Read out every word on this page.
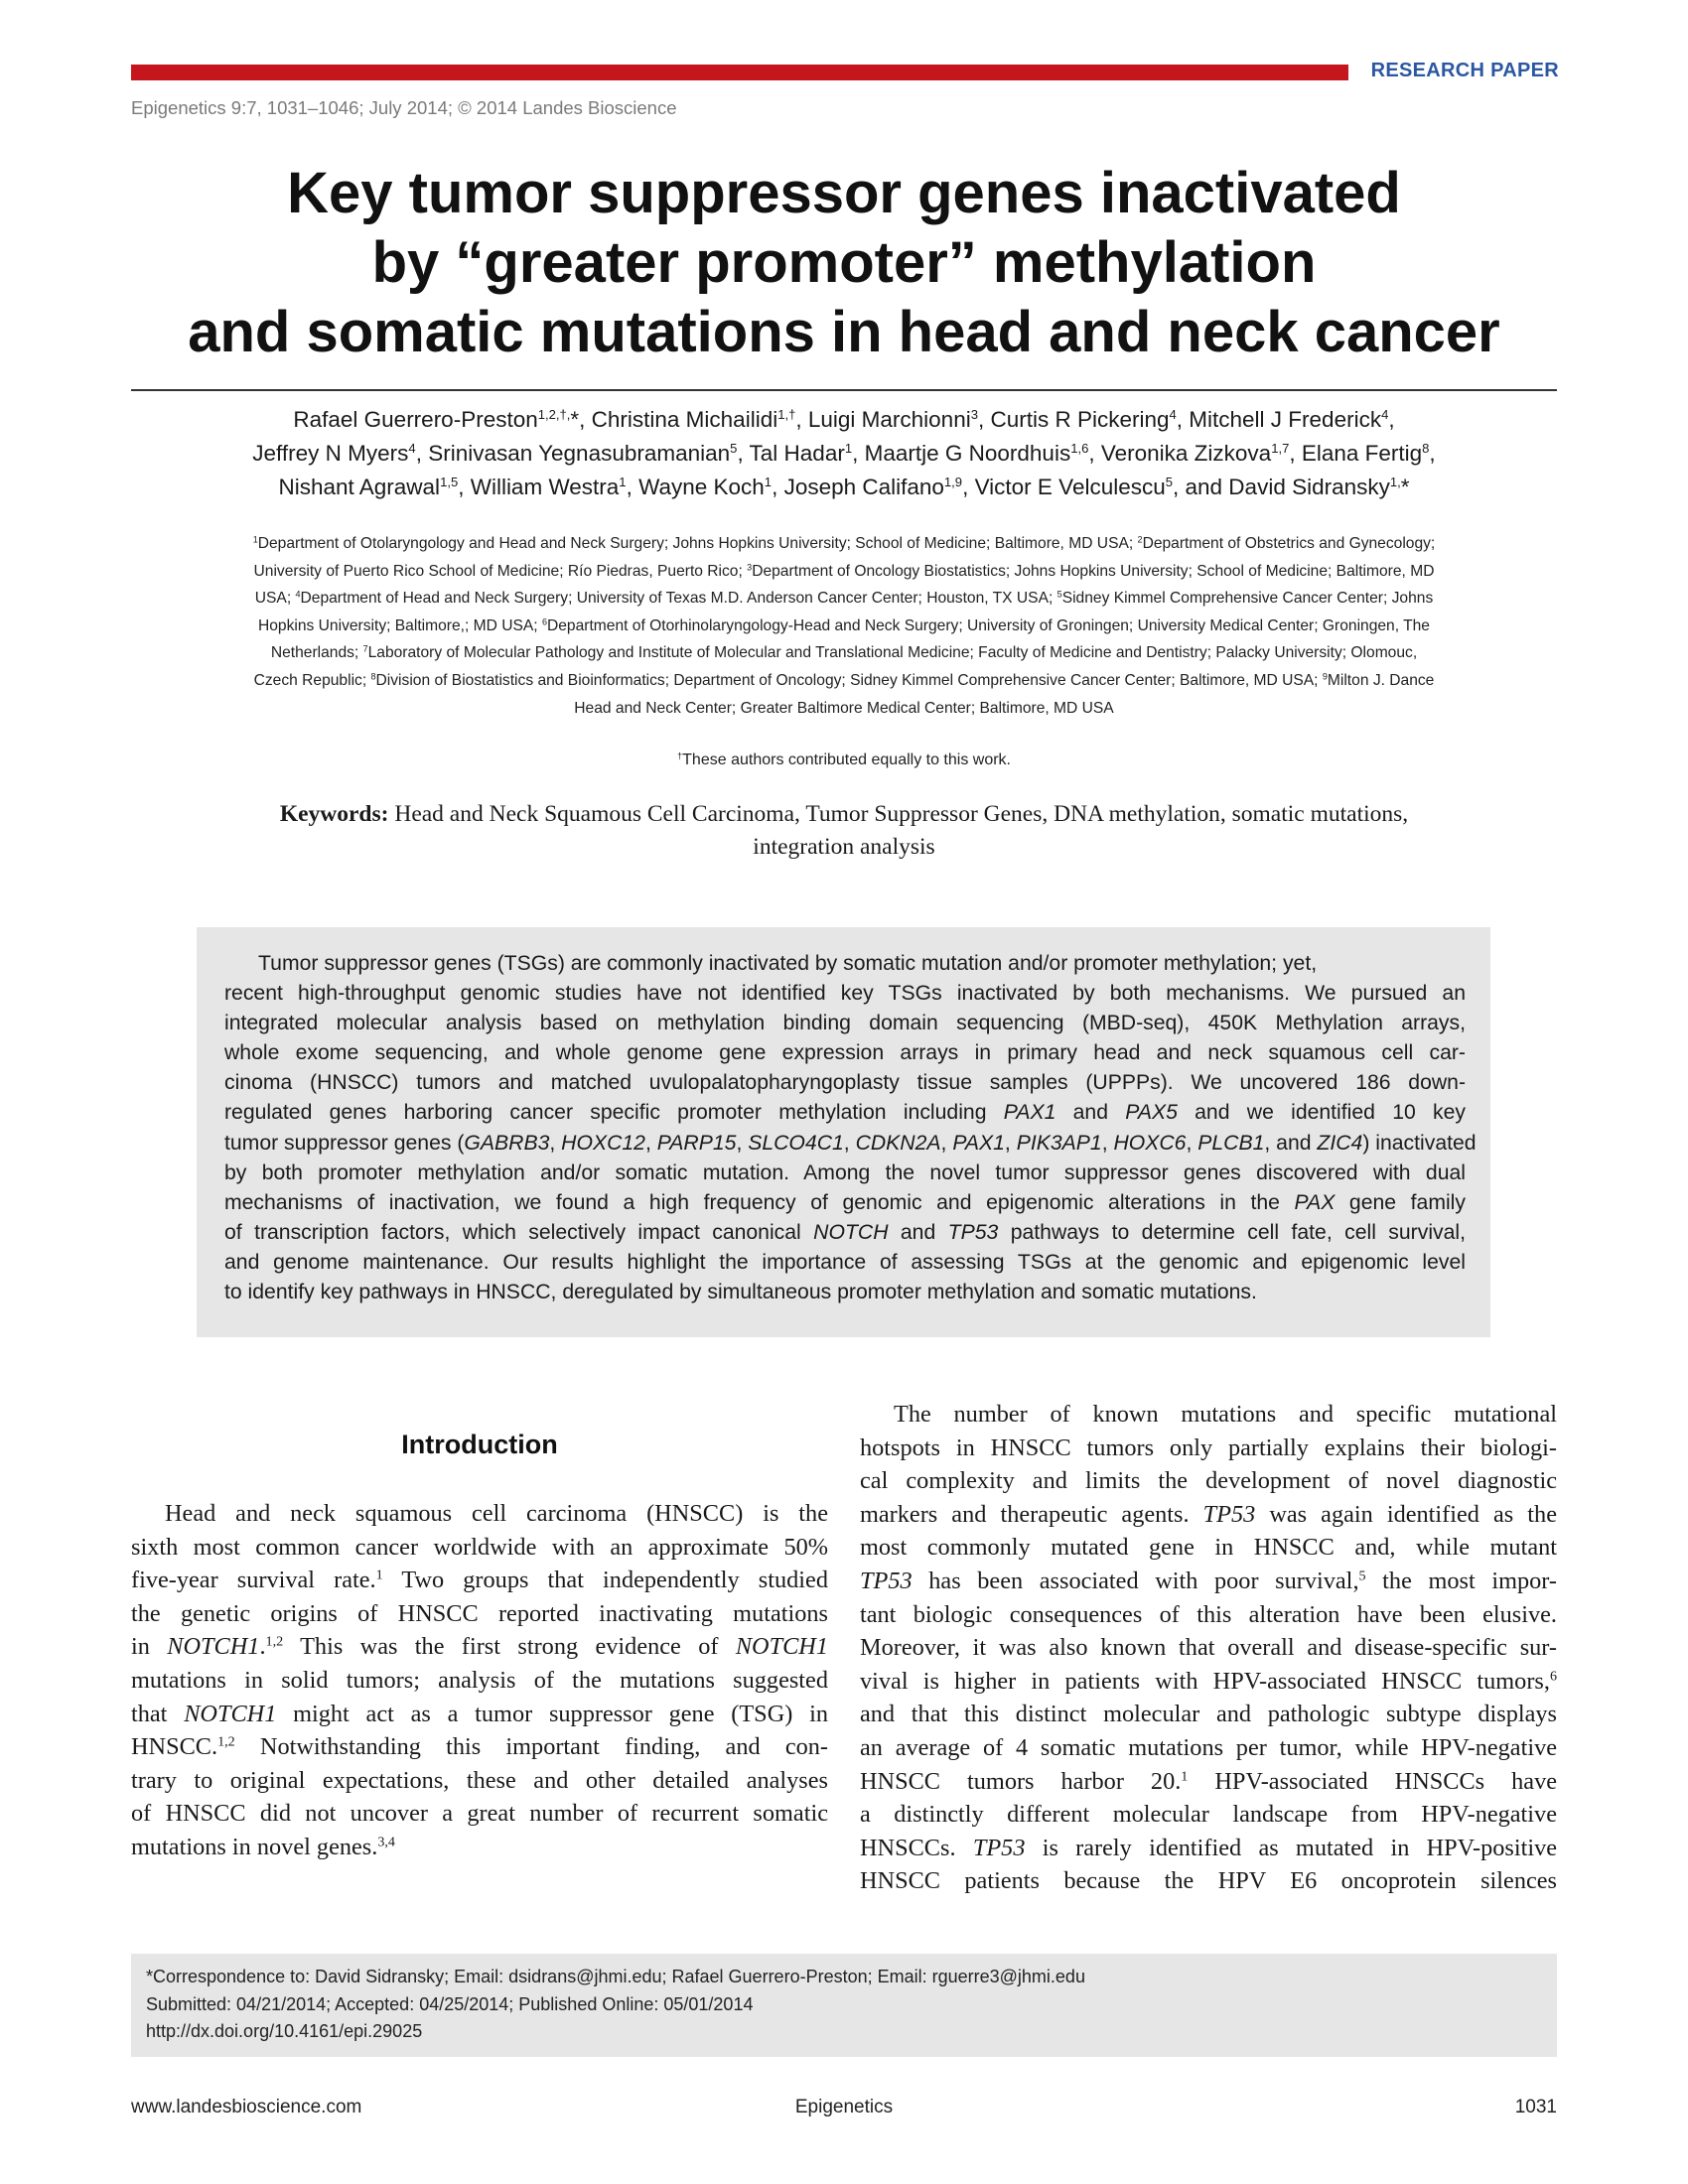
RESEARCH PAPER
Epigenetics 9:7, 1031–1046; July 2014; © 2014 Landes Bioscience
Key tumor suppressor genes inactivated
by “greater promoter” methylation
and somatic mutations in head and neck cancer
Rafael Guerrero-Preston$^{1,2,\dagger,}$*, Christina Michailidi$^{1,\dagger}$, Luigi Marchionni$^3$, Curtis R Pickering$^4$, Mitchell J Frederick$^4$,
Jeffrey N Myers$^4$, Srinivasan Yegnasubramanian$^5$, Tal Hadar$^1$, Maartje G Noordhuis$^{1,6}$, Veronika Zizkova$^{1,7}$, Elana Fertig$^8$,
Nishant Agrawal$^{1,5}$, William Westra$^1$, Wayne Koch$^1$, Joseph Califano$^{1,9}$, Victor E Velculescu$^5$, and David Sidransky$^{1,}$*
$^1$Department of Otolaryngology and Head and Neck Surgery; Johns Hopkins University; School of Medicine; Baltimore, MD USA; $^2$Department of Obstetrics and Gynecology;
University of Puerto Rico School of Medicine; Río Piedras, Puerto Rico; $^3$Department of Oncology Biostatistics; Johns Hopkins University; School of Medicine; Baltimore, MD
USA; $^4$Department of Head and Neck Surgery; University of Texas M.D. Anderson Cancer Center; Houston, TX USA; $^5$Sidney Kimmel Comprehensive Cancer Center; Johns
Hopkins University; Baltimore,; MD USA; $^6$Department of Otorhinolaryngology-Head and Neck Surgery; University of Groningen; University Medical Center; Groningen, The
Netherlands; $^7$Laboratory of Molecular Pathology and Institute of Molecular and Translational Medicine; Faculty of Medicine and Dentistry; Palacky University; Olomouc,
Czech Republic; $^8$Division of Biostatistics and Bioinformatics; Department of Oncology; Sidney Kimmel Comprehensive Cancer Center; Baltimore, MD USA; $^9$Milton J. Dance
Head and Neck Center; Greater Baltimore Medical Center; Baltimore, MD USA
†These authors contributed equally to this work.
Keywords: Head and Neck Squamous Cell Carcinoma, Tumor Suppressor Genes, DNA methylation, somatic mutations,
integration analysis
Tumor suppressor genes (TSGs) are commonly inactivated by somatic mutation and/or promoter methylation; yet,
recent high-throughput genomic studies have not identified key TSGs inactivated by both mechanisms. We pursued an
integrated molecular analysis based on methylation binding domain sequencing (MBD-seq), 450K Methylation arrays,
whole exome sequencing, and whole genome gene expression arrays in primary head and neck squamous cell car-
cinoma (HNSCC) tumors and matched uvulopalatopharyngoplasty tissue samples (UPPPs). We uncovered 186 down-
regulated genes harboring cancer specific promoter methylation including PAX1 and PAX5 and we identified 10 key
tumor suppressor genes (GABRB3, HOXC12, PARP15, SLCO4C1, CDKN2A, PAX1, PIK3AP1, HOXC6, PLCB1, and ZIC4) inactivated
by both promoter methylation and/or somatic mutation. Among the novel tumor suppressor genes discovered with dual
mechanisms of inactivation, we found a high frequency of genomic and epigenomic alterations in the PAX gene family
of transcription factors, which selectively impact canonical NOTCH and TP53 pathways to determine cell fate, cell survival,
and genome maintenance. Our results highlight the importance of assessing TSGs at the genomic and epigenomic level
to identify key pathways in HNSCC, deregulated by simultaneous promoter methylation and somatic mutations.
Introduction
Head and neck squamous cell carcinoma (HNSCC) is the
sixth most common cancer worldwide with an approximate 50%
five-year survival rate.$^1$ Two groups that independently studied
the genetic origins of HNSCC reported inactivating mutations
in NOTCH1.$^{1,2}$ This was the first strong evidence of NOTCH1
mutations in solid tumors; analysis of the mutations suggested
that NOTCH1 might act as a tumor suppressor gene (TSG) in
HNSCC.$^{1,2}$ Notwithstanding this important finding, and con-
trary to original expectations, these and other detailed analyses
of HNSCC did not uncover a great number of recurrent somatic
mutations in novel genes.$^{3,4}$
The number of known mutations and specific mutational
hotspots in HNSCC tumors only partially explains their biologi-
cal complexity and limits the development of novel diagnostic
markers and therapeutic agents. TP53 was again identified as the
most commonly mutated gene in HNSCC and, while mutant
TP53 has been associated with poor survival,$^5$ the most impor-
tant biologic consequences of this alteration have been elusive.
Moreover, it was also known that overall and disease-specific sur-
vival is higher in patients with HPV-associated HNSCC tumors,$^6$
and that this distinct molecular and pathologic subtype displays
an average of 4 somatic mutations per tumor, while HPV-negative
HNSCC tumors harbor 20.$^1$ HPV-associated HNSCCs have
a distinctly different molecular landscape from HPV-negative
HNSCCs. TP53 is rarely identified as mutated in HPV-positive
HNSCC patients because the HPV E6 oncoprotein silences
*Correspondence to: David Sidransky; Email: dsidrans@jhmi.edu; Rafael Guerrero-Preston; Email: rguerre3@jhmi.edu
Submitted: 04/21/2014; Accepted: 04/25/2014; Published Online: 05/01/2014
http://dx.doi.org/10.4161/epi.29025
www.landesbioscience.com	Epigenetics	1031
